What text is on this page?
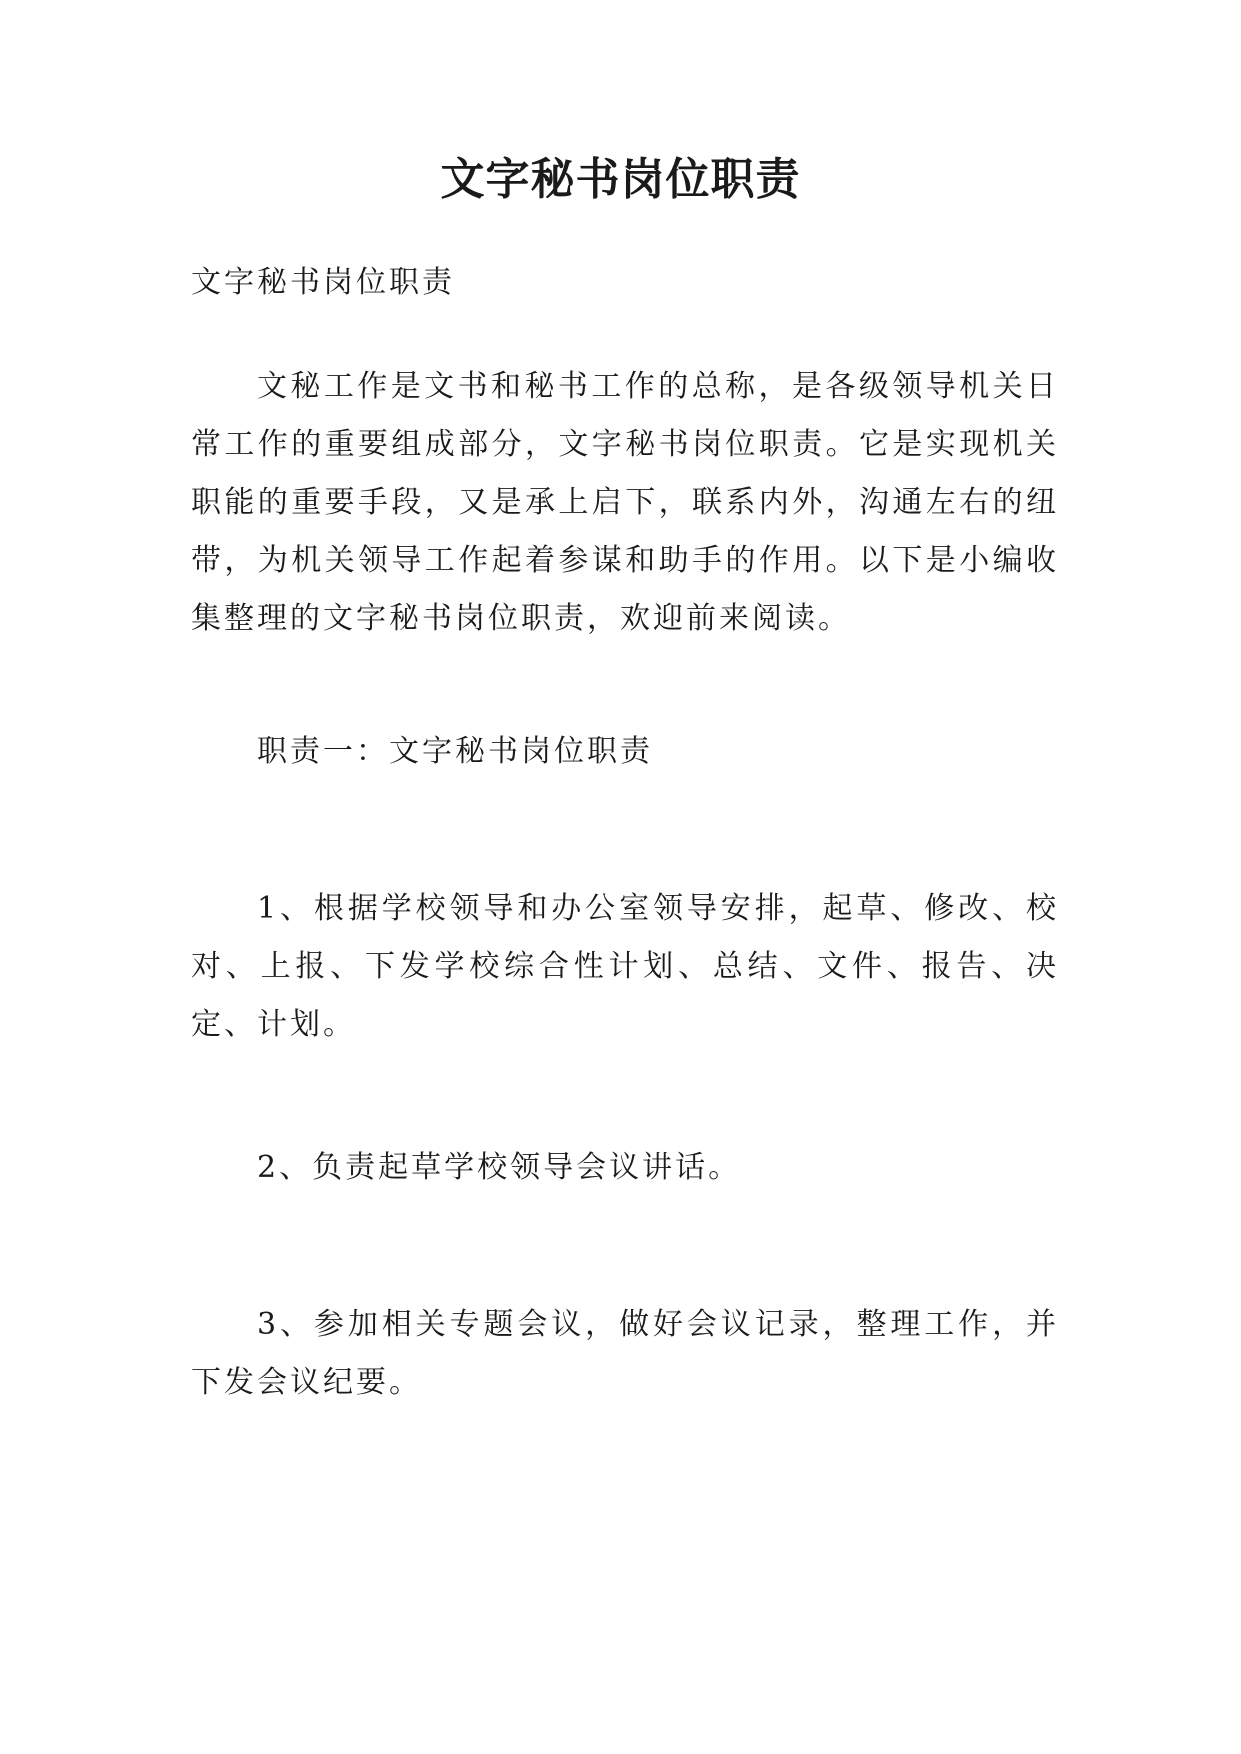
文字秘书岗位职责

文字秘书岗位职责

文秘工作是文书和秘书工作的总称，是各级领导机关日常工作的重要组成部分，文字秘书岗位职责。它是实现机关职能的重要手段，又是承上启下，联系内外，沟通左右的纽带，为机关领导工作起着参谋和助手的作用。以下是小编收集整理的文字秘书岗位职责，欢迎前来阅读。

职责一：文字秘书岗位职责

1、根据学校领导和办公室领导安排，起草、修改、校对、上报、下发学校综合性计划、总结、文件、报告、决定、计划。

2、负责起草学校领导会议讲话。

3、参加相关专题会议，做好会议记录，整理工作，并下发会议纪要。
